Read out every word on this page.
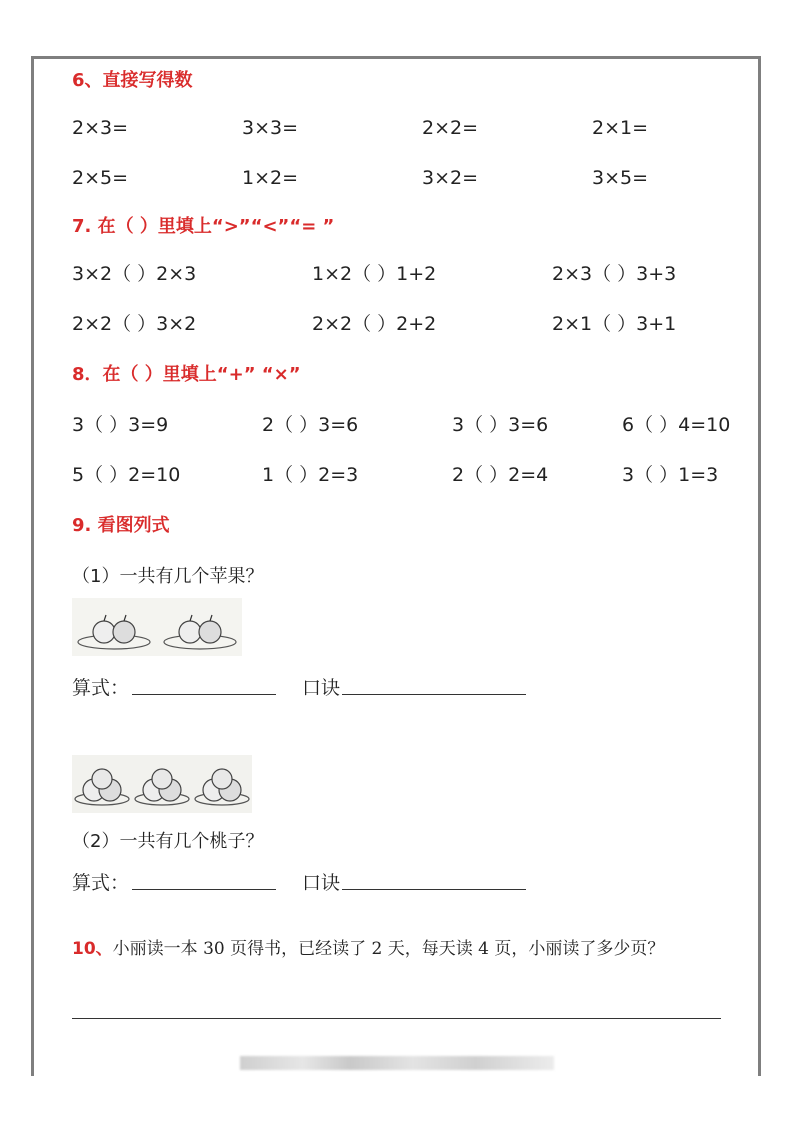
6、直接写得数
2×3=	3×3=	2×2=	2×1=
2×5=	1×2=	3×2=	3×5=
7. 在（ ）里填上“>”“<”“= ”
3×2（ ）2×3	1×2（ ）1+2	2×3（ ）3+3
2×2（ ）3×2	2×2（ ）2+2	2×1（ ）3+1
8．在（ ）里填上“+” “×”
3（ ）3=9	2（ ）3=6	3（ ）3=6	6（ ）4=10
5（ ）2=10	1（ ）2=3	2（ ）2=4	3（ ）1=3
9. 看图列式
（1）一共有几个苹果？
算式：	口诀
（2）一共有几个桃子？
算式：	口诀
10、小丽读一本 30 页得书，已经读了 2 天，每天读 4 页，小丽读了多少页？
